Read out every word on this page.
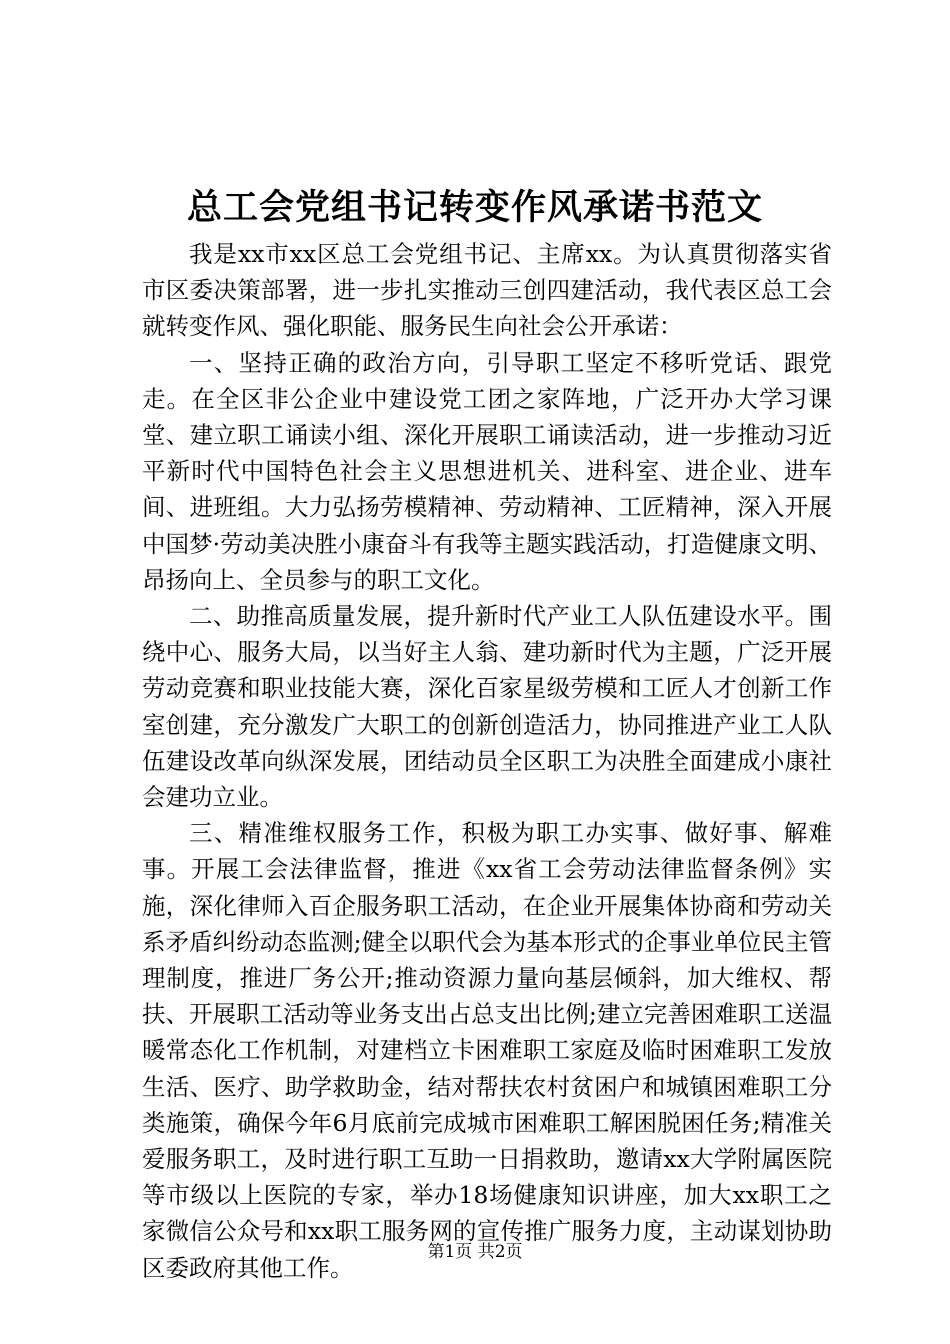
总工会党组书记转变作风承诺书范文

我是xx市xx区总工会党组书记、主席xx。为认真贯彻落实省市区委决策部署，进一步扎实推动三创四建活动，我代表区总工会就转变作风、强化职能、服务民生向社会公开承诺：

一、坚持正确的政治方向，引导职工坚定不移听党话、跟党走。在全区非公企业中建设党工团之家阵地，广泛开办大学习课堂、建立职工诵读小组、深化开展职工诵读活动，进一步推动习近平新时代中国特色社会主义思想进机关、进科室、进企业、进车间、进班组。大力弘扬劳模精神、劳动精神、工匠精神，深入开展中国梦·劳动美决胜小康奋斗有我等主题实践活动，打造健康文明、昂扬向上、全员参与的职工文化。

二、助推高质量发展，提升新时代产业工人队伍建设水平。围绕中心、服务大局，以当好主人翁、建功新时代为主题，广泛开展劳动竞赛和职业技能大赛，深化百家星级劳模和工匠人才创新工作室创建，充分激发广大职工的创新创造活力，协同推进产业工人队伍建设改革向纵深发展，团结动员全区职工为决胜全面建成小康社会建功立业。

三、精准维权服务工作，积极为职工办实事、做好事、解难事。开展工会法律监督，推进《xx省工会劳动法律监督条例》实施，深化律师入百企服务职工活动，在企业开展集体协商和劳动关系矛盾纠纷动态监测;健全以职代会为基本形式的企事业单位民主管理制度，推进厂务公开;推动资源力量向基层倾斜，加大维权、帮扶、开展职工活动等业务支出占总支出比例;建立完善困难职工送温暖常态化工作机制，对建档立卡困难职工家庭及临时困难职工发放生活、医疗、助学救助金，结对帮扶农村贫困户和城镇困难职工分类施策，确保今年6月底前完成城市困难职工解困脱困任务;精准关爱服务职工，及时进行职工互助一日捐救助，邀请xx大学附属医院等市级以上医院的专家，举办18场健康知识讲座，加大xx职工之家微信公众号和xx职工服务网的宣传推广服务力度，主动谋划协助区委政府其他工作。

第1页 共2页
